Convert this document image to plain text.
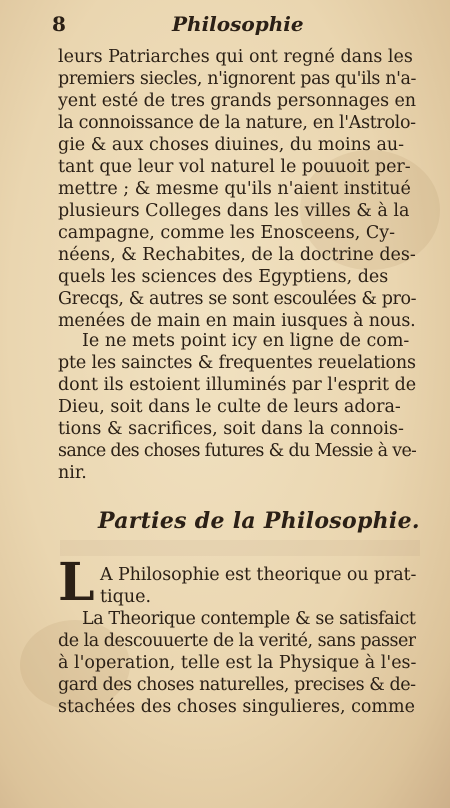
8	Philosophie
leurs Patriarches qui ont regné dans les
premiers siecles, n'ignorent pas qu'ils n'a-
yent esté de tres grands personnages en
la connoissance de la nature, en l'Astrolo-
gie & aux choses diuines, du moins au-
tant que leur vol naturel le pouuoit per-
mettre ; & mesme qu'ils n'aient institué
plusieurs Colleges dans les villes & à la
campagne, comme les Enosceens, Cy-
néens, & Rechabites, de la doctrine des-
quels les sciences des Egyptiens, des
Grecqs, & autres se sont escoulées & pro-
menées de main en main iusques à nous.
Ie ne mets point icy en ligne de com-
pte les sainctes & frequentes reuelations
dont ils estoient illuminés par l'esprit de
Dieu, soit dans le culte de leurs adora-
tions & sacrifices, soit dans la connois-
sance des choses futures & du Messie à ve-
nir.
Parties de la Philosophie.
L A Philosophie est theorique ou prat-
tique.
La Theorique contemple & se satisfaict
de la descouuerte de la verité, sans passer
à l'operation, telle est la Physique à l'es-
gard des choses naturelles, precises & de-
stachées des choses singulieres, comme
